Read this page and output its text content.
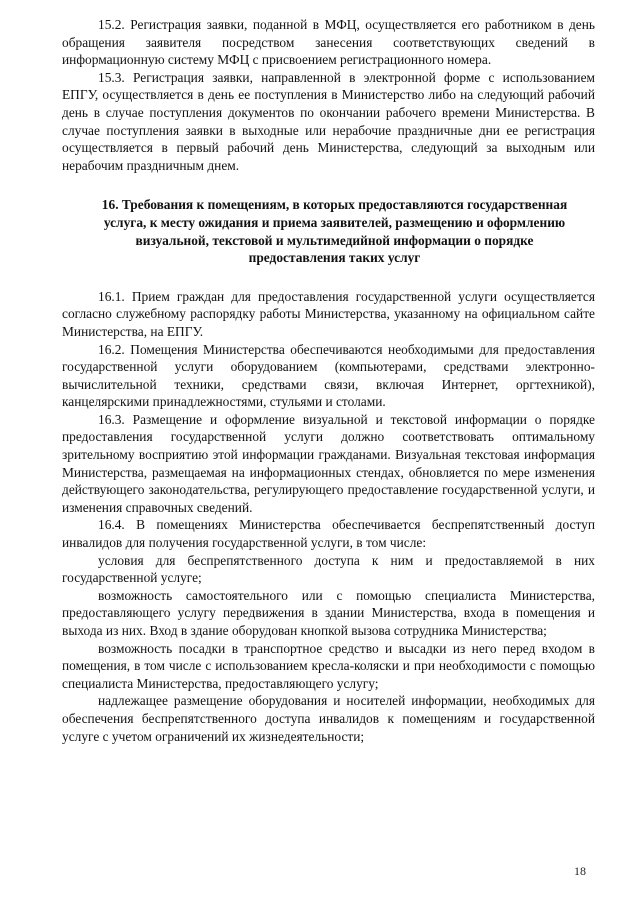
15.2. Регистрация заявки, поданной в МФЦ, осуществляется его работником в день обращения заявителя посредством занесения соответствующих сведений в информационную систему МФЦ с присвоением регистрационного номера.

15.3. Регистрация заявки, направленной в электронной форме с использованием ЕПГУ, осуществляется в день ее поступления в Министерство либо на следующий рабочий день в случае поступления документов по окончании рабочего времени Министерства. В случае поступления заявки в выходные или нерабочие праздничные дни ее регистрация осуществляется в первый рабочий день Министерства, следующий за выходным или нерабочим праздничным днем.

16. Требования к помещениям, в которых предоставляются государственная услуга, к месту ожидания и приема заявителей, размещению и оформлению визуальной, текстовой и мультимедийной информации о порядке предоставления таких услуг

16.1. Прием граждан для предоставления государственной услуги осуществляется согласно служебному распорядку работы Министерства, указанному на официальном сайте Министерства, на ЕПГУ.

16.2. Помещения Министерства обеспечиваются необходимыми для предоставления государственной услуги оборудованием (компьютерами, средствами электронно-вычислительной техники, средствами связи, включая Интернет, оргтехникой), канцелярскими принадлежностями, стульями и столами.

16.3. Размещение и оформление визуальной и текстовой информации о порядке предоставления государственной услуги должно соответствовать оптимальному зрительному восприятию этой информации гражданами. Визуальная текстовая информация Министерства, размещаемая на информационных стендах, обновляется по мере изменения действующего законодательства, регулирующего предоставление государственной услуги, и изменения справочных сведений.

16.4. В помещениях Министерства обеспечивается беспрепятственный доступ инвалидов для получения государственной услуги, в том числе:

условия для беспрепятственного доступа к ним и предоставляемой в них государственной услуге;

возможность самостоятельного или с помощью специалиста Министерства, предоставляющего услугу передвижения в здании Министерства, входа в помещения и выхода из них. Вход в здание оборудован кнопкой вызова сотрудника Министерства;

возможность посадки в транспортное средство и высадки из него перед входом в помещения, в том числе с использованием кресла-коляски и при необходимости с помощью специалиста Министерства, предоставляющего услугу;

надлежащее размещение оборудования и носителей информации, необходимых для обеспечения беспрепятственного доступа инвалидов к помещениям и государственной услуге с учетом ограничений их жизнедеятельности;

18
